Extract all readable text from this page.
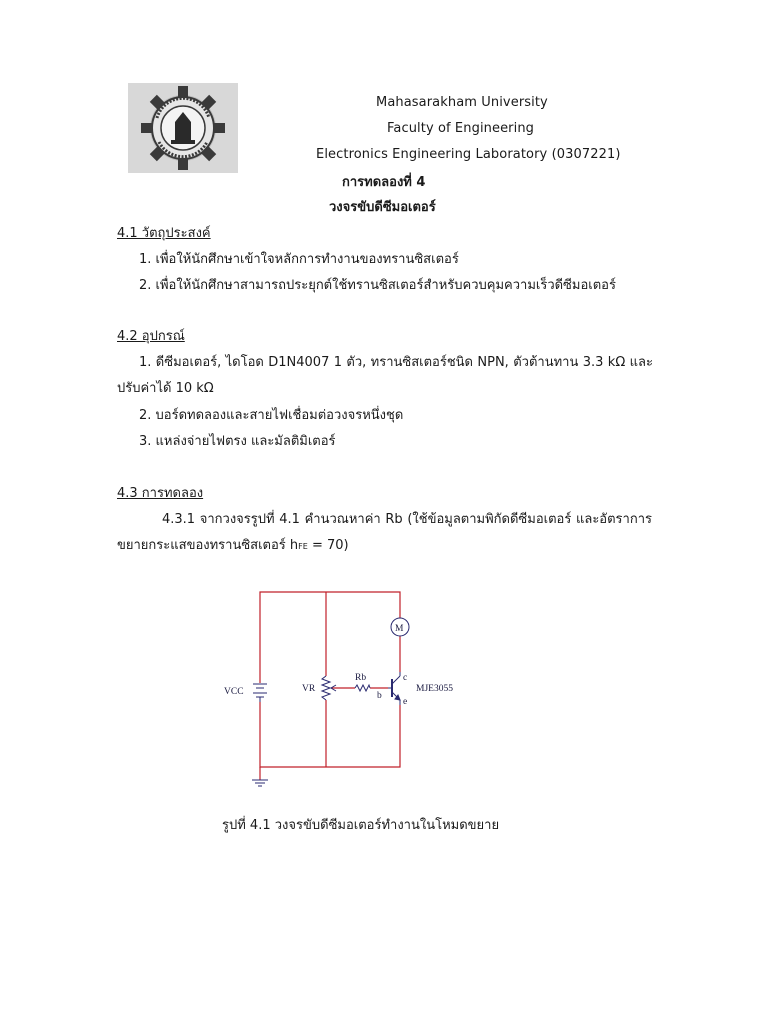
Mahasarakham University
Faculty of Engineering
Electronics Engineering Laboratory (0307221)
การทดลองที่ 4
วงจรขับดีซีมอเตอร์
4.1 วัตถุประสงค์
1. เพื่อให้นักศึกษาเข้าใจหลักการทำงานของทรานซิสเตอร์
2. เพื่อให้นักศึกษาสามารถประยุกต์ใช้ทรานซิสเตอร์สำหรับควบคุมความเร็วดีซีมอเตอร์
4.2 อุปกรณ์
1. ดีซีมอเตอร์, ไดโอด D1N4007 1 ตัว, ทรานซิสเตอร์ชนิด NPN, ตัวต้านทาน 3.3 kΩ และ
ปรับค่าได้ 10 kΩ
2. บอร์ดทดลองและสายไฟเชื่อมต่อวงจรหนึ่งชุด
3. แหล่งจ่ายไฟตรง และมัลติมิเตอร์
4.3 การทดลอง
4.3.1 จากวงจรรูปที่ 4.1 คำนวณหาค่า Rb (ใช้ข้อมูลตามพิกัดดีซีมอเตอร์ และอัตราการ
ขยายกระแสของทรานซิสเตอร์ hFE = 70)
VCC	VR
Rb
M
MJE3055
b
c
e
รูปที่ 4.1 วงจรขับดีซีมอเตอร์ทำงานในโหมดขยาย
